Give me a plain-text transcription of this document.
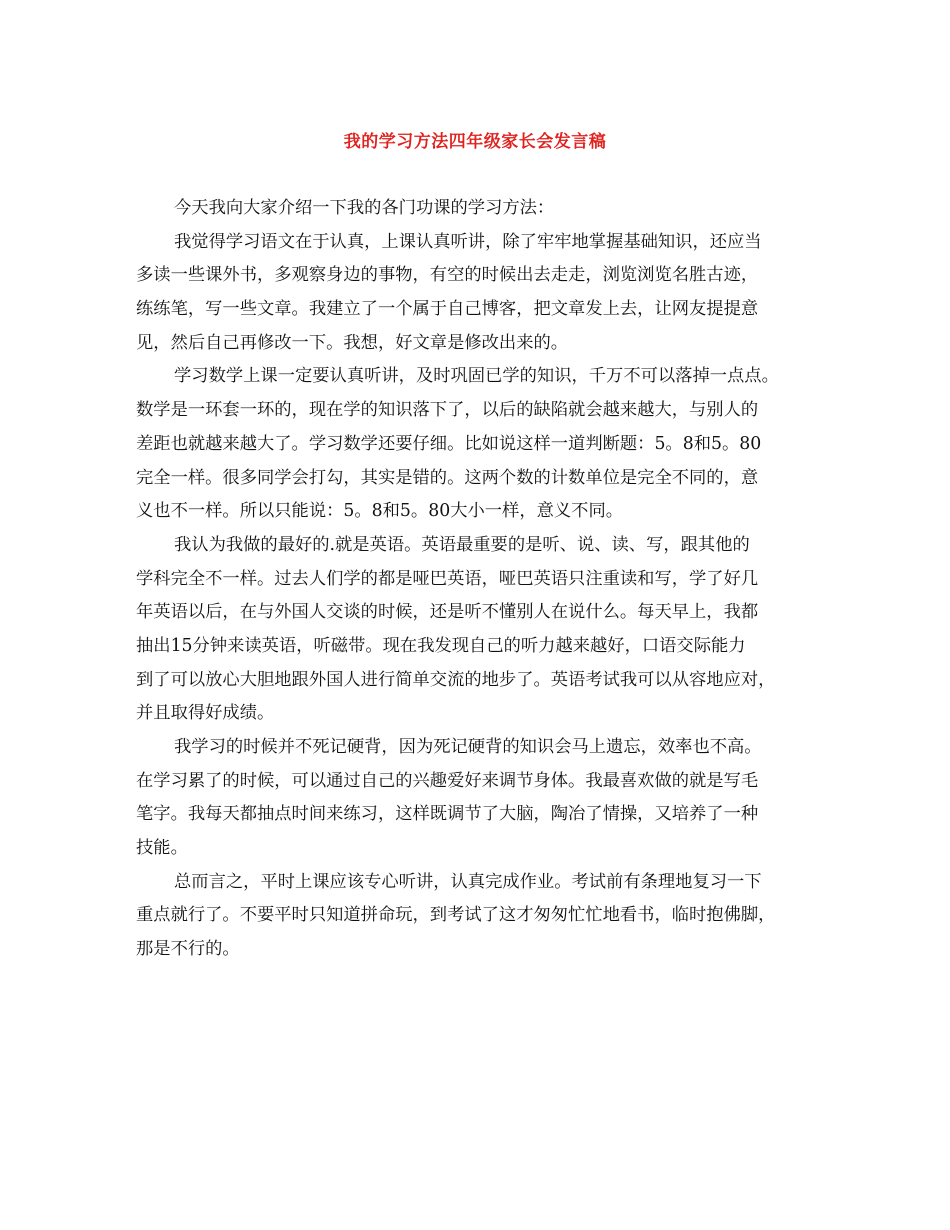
我的学习方法四年级家长会发言稿
今天我向大家介绍一下我的各门功课的学习方法：
我觉得学习语文在于认真，上课认真听讲，除了牢牢地掌握基础知识，还应当
多读一些课外书，多观察身边的事物，有空的时候出去走走，浏览浏览名胜古迹，
练练笔，写一些文章。我建立了一个属于自己博客，把文章发上去，让网友提提意
见，然后自己再修改一下。我想，好文章是修改出来的。
学习数学上课一定要认真听讲，及时巩固已学的知识，千万不可以落掉一点点。
数学是一环套一环的，现在学的知识落下了，以后的缺陷就会越来越大，与别人的
差距也就越来越大了。学习数学还要仔细。比如说这样一道判断题：5。8和5。80
完全一样。很多同学会打勾，其实是错的。这两个数的计数单位是完全不同的，意
义也不一样。所以只能说：5。8和5。80大小一样，意义不同。
我认为我做的最好的.就是英语。英语最重要的是听、说、读、写，跟其他的
学科完全不一样。过去人们学的都是哑巴英语，哑巴英语只注重读和写，学了好几
年英语以后，在与外国人交谈的时候，还是听不懂别人在说什么。每天早上，我都
抽出15分钟来读英语，听磁带。现在我发现自己的听力越来越好，口语交际能力
到了可以放心大胆地跟外国人进行简单交流的地步了。英语考试我可以从容地应对，
并且取得好成绩。
我学习的时候并不死记硬背，因为死记硬背的知识会马上遗忘，效率也不高。
在学习累了的时候，可以通过自己的兴趣爱好来调节身体。我最喜欢做的就是写毛
笔字。我每天都抽点时间来练习，这样既调节了大脑，陶冶了情操，又培养了一种
技能。
总而言之，平时上课应该专心听讲，认真完成作业。考试前有条理地复习一下
重点就行了。不要平时只知道拼命玩，到考试了这才匆匆忙忙地看书，临时抱佛脚，
那是不行的。
